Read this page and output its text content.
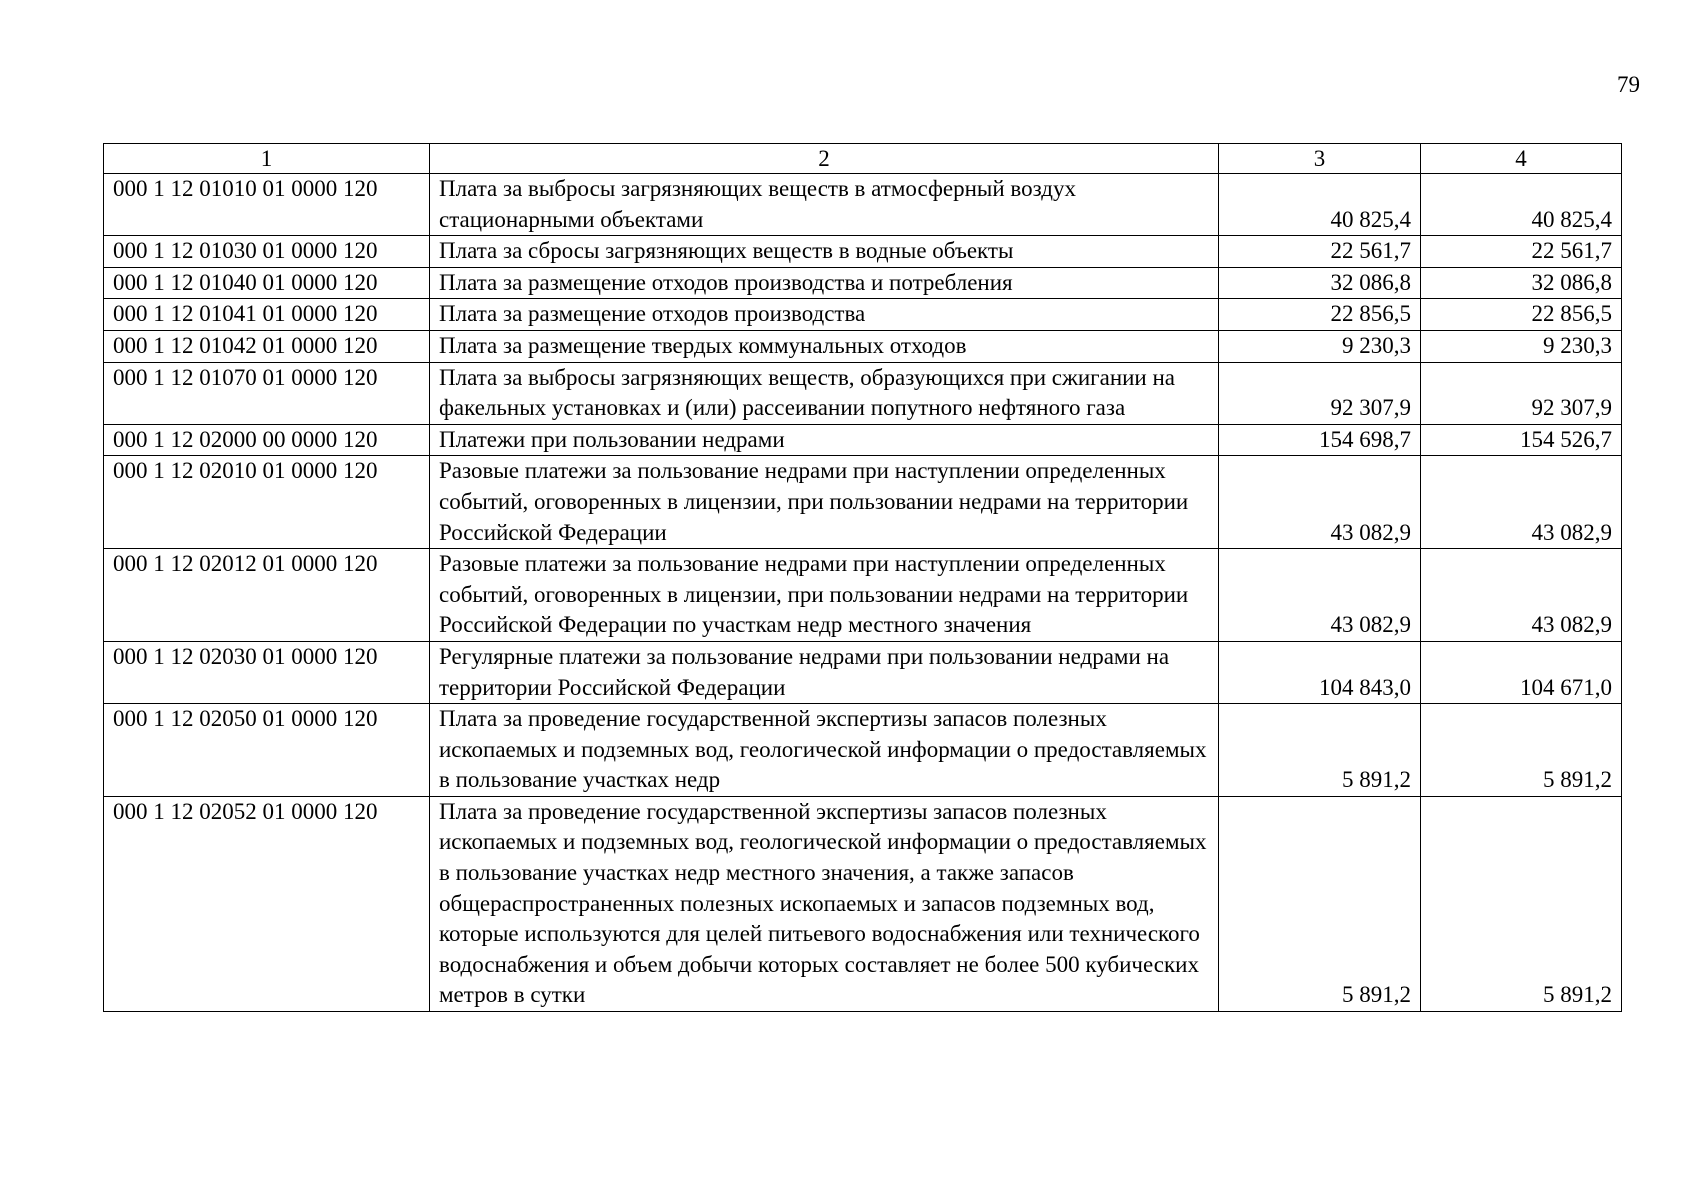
79
1	2	3	4
000 1 12 01010 01 0000 120	Плата за выбросы загрязняющих веществ в атмосферный воздух стационарными объектами	40 825,4	40 825,4
000 1 12 01030 01 0000 120	Плата за сбросы загрязняющих веществ в водные объекты	22 561,7	22 561,7
000 1 12 01040 01 0000 120	Плата за размещение отходов производства и потребления	32 086,8	32 086,8
000 1 12 01041 01 0000 120	Плата за размещение отходов производства	22 856,5	22 856,5
000 1 12 01042 01 0000 120	Плата за размещение твердых коммунальных отходов	9 230,3	9 230,3
000 1 12 01070 01 0000 120	Плата за выбросы загрязняющих веществ, образующихся при сжигании на факельных установках и (или) рассеивании попутного нефтяного газа	92 307,9	92 307,9
000 1 12 02000 00 0000 120	Платежи при пользовании недрами	154 698,7	154 526,7
000 1 12 02010 01 0000 120	Разовые платежи за пользование недрами при наступлении определенных событий, оговоренных в лицензии, при пользовании недрами на территории Российской Федерации	43 082,9	43 082,9
000 1 12 02012 01 0000 120	Разовые платежи за пользование недрами при наступлении определенных событий, оговоренных в лицензии, при пользовании недрами на территории Российской Федерации по участкам недр местного значения	43 082,9	43 082,9
000 1 12 02030 01 0000 120	Регулярные платежи за пользование недрами при пользовании недрами на территории Российской Федерации	104 843,0	104 671,0
000 1 12 02050 01 0000 120	Плата за проведение государственной экспертизы запасов полезных ископаемых и подземных вод, геологической информации о предоставляемых в пользование участках недр	5 891,2	5 891,2
000 1 12 02052 01 0000 120	Плата за проведение государственной экспертизы запасов полезных ископаемых и подземных вод, геологической информации о предоставляемых в пользование участках недр местного значения, а также запасов общераспространенных полезных ископаемых и запасов подземных вод, которые используются для целей питьевого водоснабжения или технического водоснабжения и объем добычи которых составляет не более 500 кубических метров в сутки	5 891,2	5 891,2
